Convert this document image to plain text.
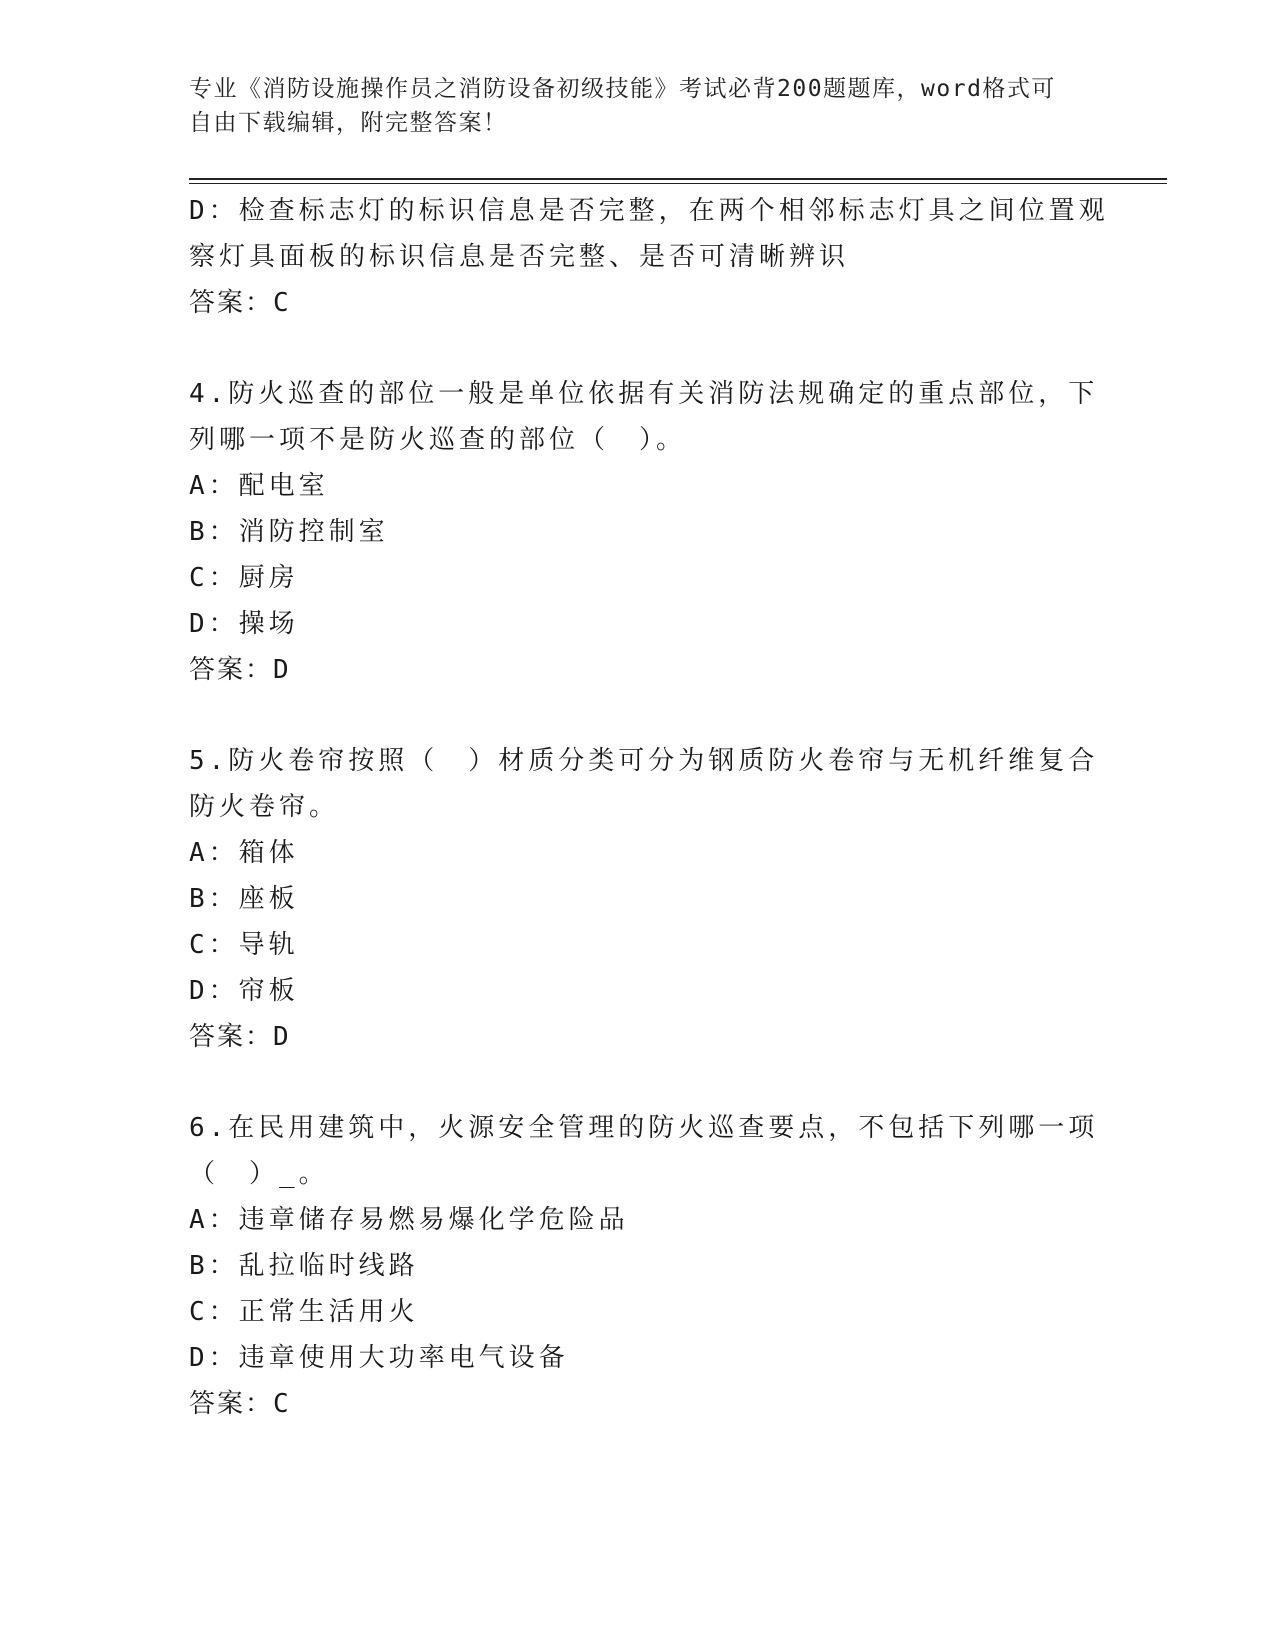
专业《消防设施操作员之消防设备初级技能》考试必背200题题库，word格式可
自由下载编辑，附完整答案！
D：检查标志灯的标识信息是否完整，在两个相邻标志灯具之间位置观
察灯具面板的标识信息是否完整、是否可清晰辨识
答案：C
4.防火巡查的部位一般是单位依据有关消防法规确定的重点部位，下
列哪一项不是防火巡查的部位（　）。
A：配电室
B：消防控制室
C：厨房
D：操场
答案：D
5.防火卷帘按照（　）材质分类可分为钢质防火卷帘与无机纤维复合
防火卷帘。
A：箱体
B：座板
C：导轨
D：帘板
答案：D
6.在民用建筑中，火源安全管理的防火巡查要点，不包括下列哪一项
（　）_。
A：违章储存易燃易爆化学危险品
B：乱拉临时线路
C：正常生活用火
D：违章使用大功率电气设备
答案：C
